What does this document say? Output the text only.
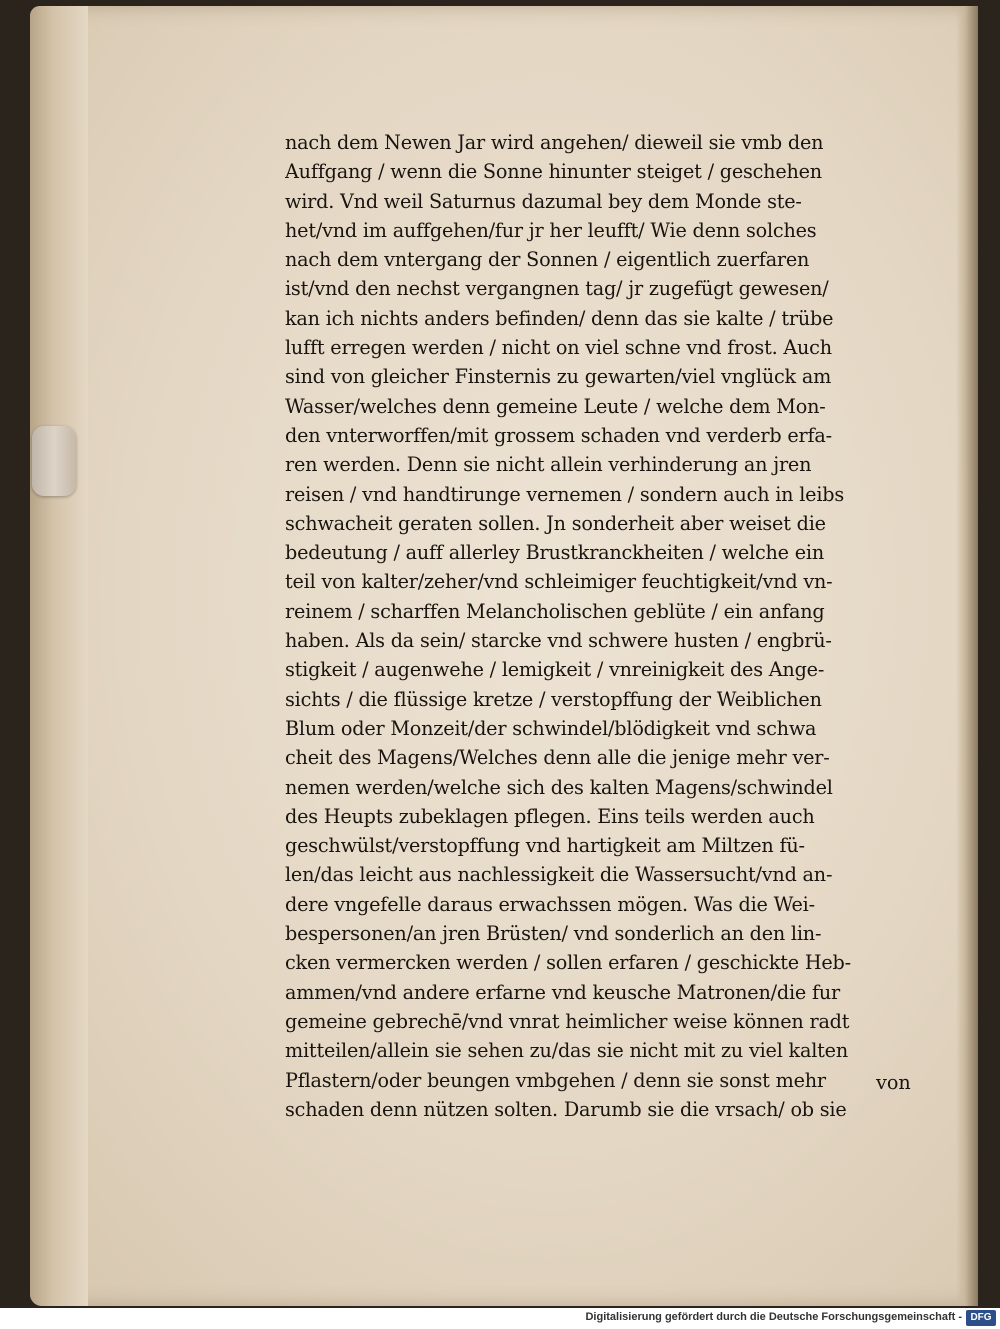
nach dem Newen Jar wird angehen/ dieweil sie vmb den
Auffgang / wenn die Sonne hinunter steiget / geschehen
wird. Vnd weil Saturnus dazumal bey dem Monde ste-
het/vnd im auffgehen/fur jr her leufft/ Wie denn solches
nach dem vntergang der Sonnen / eigentlich zuerfaren
ist/vnd den nechst vergangnen tag/ jr zugefügt gewesen/
kan ich nichts anders befinden/ denn das sie kalte / trübe
lufft erregen werden / nicht on viel schne vnd frost. Auch
sind von gleicher Finsternis zu gewarten/viel vnglück am
Wasser/welches denn gemeine Leute / welche dem Mon-
den vnterworffen/mit grossem schaden vnd verderb erfa-
ren werden. Denn sie nicht allein verhinderung an jren
reisen / vnd handtirunge vernemen / sondern auch in leibs
schwacheit geraten sollen. Jn sonderheit aber weiset die
bedeutung / auff allerley Brustkranckheiten / welche ein
teil von kalter/zeher/vnd schleimiger feuchtigkeit/vnd vn-
reinem / scharffen Melancholischen geblüte / ein anfang
haben. Als da sein/ starcke vnd schwere husten / engbrü-
stigkeit / augenwehe / lemigkeit / vnreinigkeit des Ange-
sichts / die flüssige kretze / verstopffung der Weiblichen
Blum oder Monzeit/der schwindel/blödigkeit vnd schwa
cheit des Magens/Welches denn alle die jenige mehr ver-
nemen werden/welche sich des kalten Magens/schwindel
des Heupts zubeklagen pflegen. Eins teils werden auch
geschwülst/verstopffung vnd hartigkeit am Miltzen fü-
len/das leicht aus nachlessigkeit die Wassersucht/vnd an-
dere vngefelle daraus erwachssen mögen. Was die Wei-
bespersonen/an jren Brüsten/ vnd sonderlich an den lin-
cken vermercken werden / sollen erfaren / geschickte Heb-
ammen/vnd andere erfarne vnd keusche Matronen/die fur
gemeine gebrechē/vnd vnrat heimlicher weise können radt
mitteilen/allein sie sehen zu/das sie nicht mit zu viel kalten
Pflastern/oder beungen vmbgehen / denn sie sonst mehr
schaden denn nützen solten. Darumb sie die vrsach/ ob sie
von
Digitalisierung gefördert durch die Deutsche Forschungsgemeinschaft - DFG
